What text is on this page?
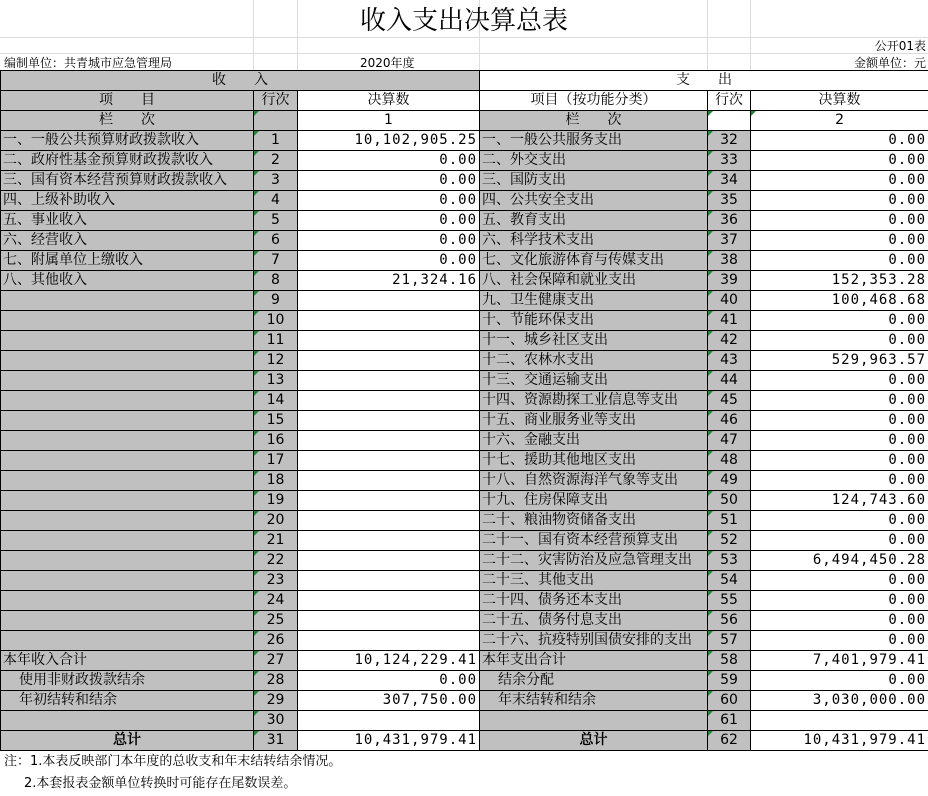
收入支出决算总表
公开01表
编制单位：共青城市应急管理局	2020年度	金额单位：元
收　　入			支　　出		
项　　目	行次	决算数	项目（按功能分类）	行次	决算数
栏　　次		1	栏　　次		2
一、一般公共预算财政拨款收入	1	10,102,905.25	一、一般公共服务支出	32	0.00
二、政府性基金预算财政拨款收入	2	0.00	二、外交支出	33	0.00
三、国有资本经营预算财政拨款收入	3	0.00	三、国防支出	34	0.00
四、上级补助收入	4	0.00	四、公共安全支出	35	0.00
五、事业收入	5	0.00	五、教育支出	36	0.00
六、经营收入	6	0.00	六、科学技术支出	37	0.00
七、附属单位上缴收入	7	0.00	七、文化旅游体育与传媒支出	38	0.00
八、其他收入	8	21,324.16	八、社会保障和就业支出	39	152,353.28
	9		九、卫生健康支出	40	100,468.68
	10		十、节能环保支出	41	0.00
	11		十一、城乡社区支出	42	0.00
	12		十二、农林水支出	43	529,963.57
	13		十三、交通运输支出	44	0.00
	14		十四、资源勘探工业信息等支出	45	0.00
	15		十五、商业服务业等支出	46	0.00
	16		十六、金融支出	47	0.00
	17		十七、援助其他地区支出	48	0.00
	18		十八、自然资源海洋气象等支出	49	0.00
	19		十九、住房保障支出	50	124,743.60
	20		二十、粮油物资储备支出	51	0.00
	21		二十一、国有资本经营预算支出	52	0.00
	22		二十二、灾害防治及应急管理支出	53	6,494,450.28
	23		二十三、其他支出	54	0.00
	24		二十四、债务还本支出	55	0.00
	25		二十五、债务付息支出	56	0.00
	26		二十六、抗疫特别国债安排的支出	57	0.00
本年收入合计	27	10,124,229.41	本年支出合计	58	7,401,979.41
使用非财政拨款结余	28	0.00	结余分配	59	0.00
年初结转和结余	29	307,750.00	年末结转和结余	60	3,030,000.00
	30			61	
总计	31	10,431,979.41	总计	62	10,431,979.41
注：1.本表反映部门本年度的总收支和年末结转结余情况。
2.本套报表金额单位转换时可能存在尾数误差。
